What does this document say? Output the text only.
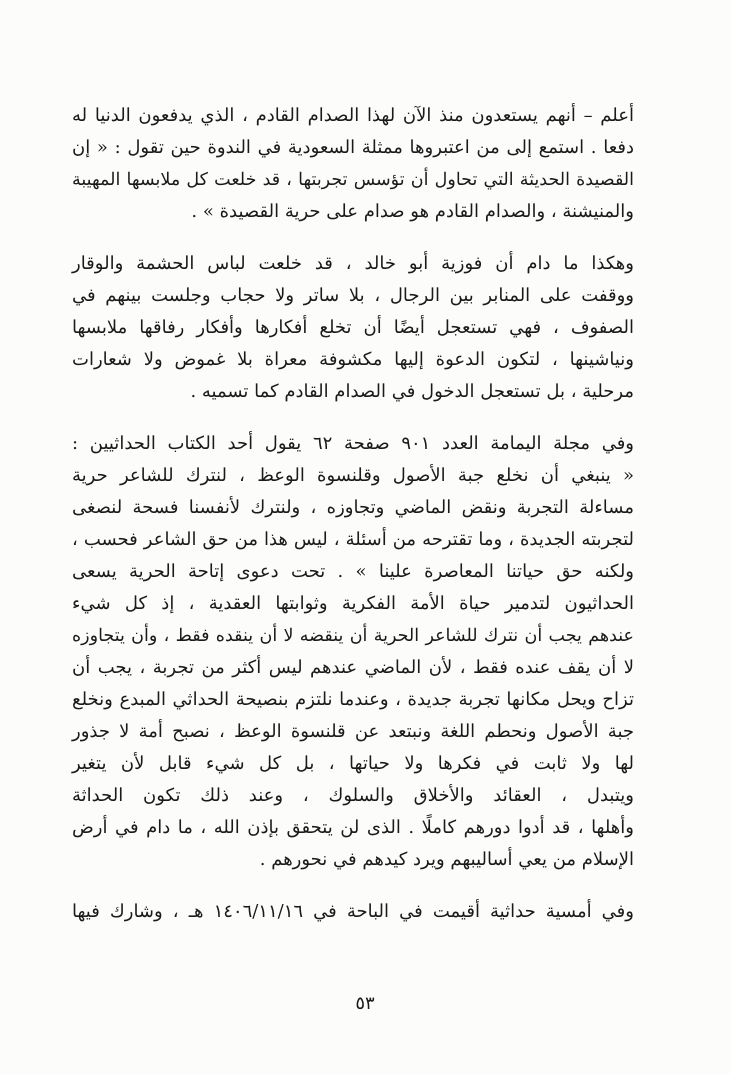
أعلم – أنهم يستعدون منذ الآن لهذا الصدام القادم ، الذي يدفعون الدنيا له
دفعا . استمع إلى من اعتبروها ممثلة السعودية في الندوة حين تقول : « إن
القصيدة الحديثة التي تحاول أن تؤسس تجربتها ، قد خلعت كل ملابسها المهيبة
والمنيشنة ، والصدام القادم هو صدام على حرية القصيدة » .
وهكذا ما دام أن فوزية أبو خالد ، قد خلعت لباس الحشمة والوقار
ووقفت على المنابر بين الرجال ، بلا ساتر ولا حجاب وجلست بينهم في
الصفوف ، فهي تستعجل أيضًا أن تخلع أفكارها وأفكار رفاقها ملابسها
ونياشينها ، لتكون الدعوة إليها مكشوفة معراة بلا غموض ولا شعارات
مرحلية ، بل تستعجل الدخول في الصدام القادم كما تسميه .
وفي مجلة اليمامة العدد ٩٠١ صفحة ٦٢ يقول أحد الكتاب الحداثيين :
« ينبغي أن نخلع جبة الأصول وقلنسوة الوعظ ، لنترك للشاعر حرية
مساءلة التجربة ونقض الماضي وتجاوزه ، ولنترك لأنفسنا فسحة لنصغى
لتجربته الجديدة ، وما تقترحه من أسئلة ، ليس هذا من حق الشاعر فحسب ،
ولكنه حق حياتنا المعاصرة علينا » . تحت دعوى إتاحة الحرية يسعى
الحداثيون لتدمير حياة الأمة الفكرية وثوابتها العقدية ، إذ كل شيء
عندهم يجب أن نترك للشاعر الحرية أن ينقضه لا أن ينقده فقط ، وأن يتجاوزه
لا أن يقف عنده فقط ، لأن الماضي عندهم ليس أكثر من تجربة ، يجب أن
تزاح ويحل مكانها تجربة جديدة ، وعندما نلتزم بنصيحة الحداثي المبدع ونخلع
جبة الأصول ونحطم اللغة ونبتعد عن قلنسوة الوعظ ، نصبح أمة لا جذور
لها ولا ثابت في فكرها ولا حياتها ، بل كل شيء قابل لأن يتغير
ويتبدل ، العقائد والأخلاق والسلوك ، وعند ذلك تكون الحداثة
وأهلها ، قد أدوا دورهم كاملًا . الذى لن يتحقق بإذن الله ، ما دام في أرض
الإسلام من يعي أساليبهم ويرد كيدهم في نحورهم .
وفي أمسية حداثية أقيمت في الباحة في ١٤٠٦/١١/١٦ هـ ، وشارك فيها
٥٣
